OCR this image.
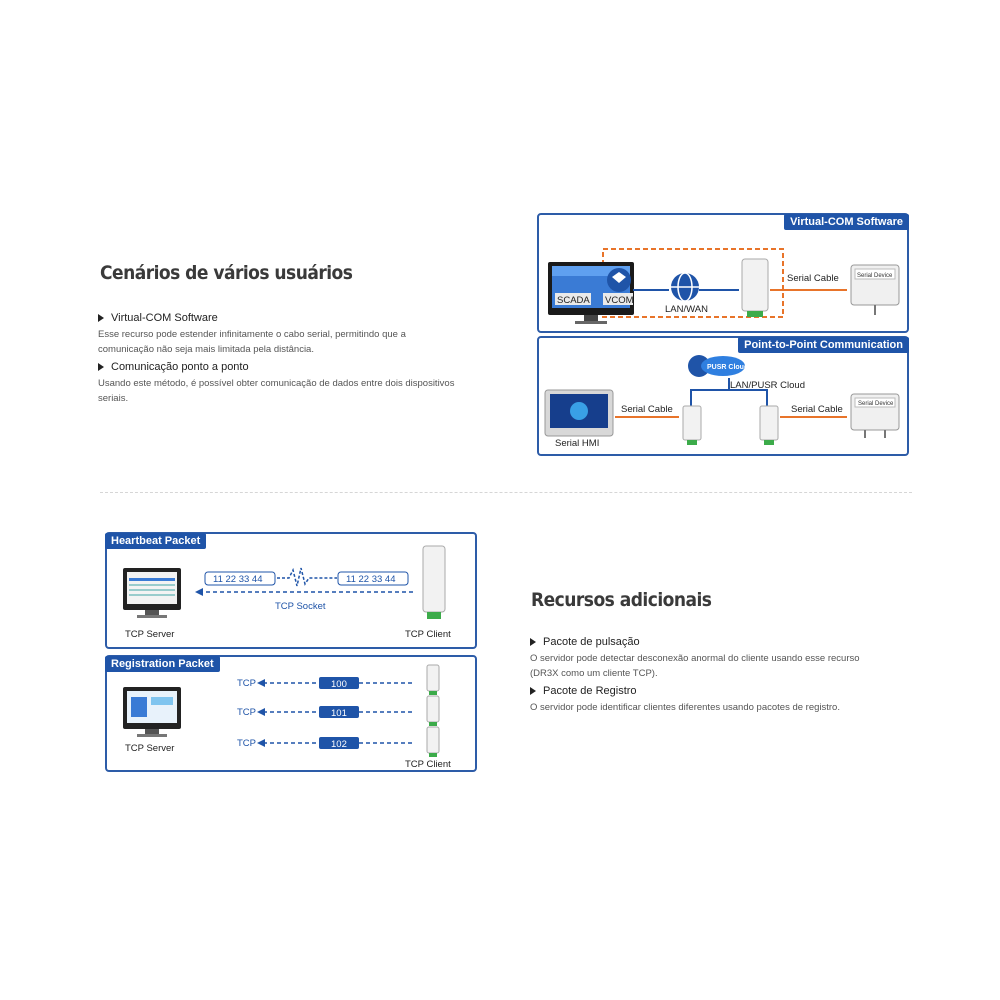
Cenários de vários usuários
Virtual-COM Software
Esse recurso pode estender infinitamente o cabo serial, permitindo que a
comunicação não seja mais limitada pela distância.
Comunicação ponto a ponto
Usando este método, é possível obter comunicação de dados entre dois dispositivos
seriais.
SCADA VCOM
LAN/WAN
Serial Cable	Serial Device
Virtual-COM Software
Serial HMI
Serial Cable
PUSR Cloud
LAN/PUSR Cloud
Serial Cable	Serial Device
Point-to-Point Communication
TCP Server
11 22 33 44	11 22 33 44
TCP Socket
TCP Client
Heartbeat Packet
TCP Server
TCP	100
TCP	101
TCP	102
TCP Client
Registration Packet
Recursos adicionais
Pacote de pulsação
O servidor pode detectar desconexão anormal do cliente usando esse recurso
(DR3X como um cliente TCP).
Pacote de Registro
O servidor pode identificar clientes diferentes usando pacotes de registro.
